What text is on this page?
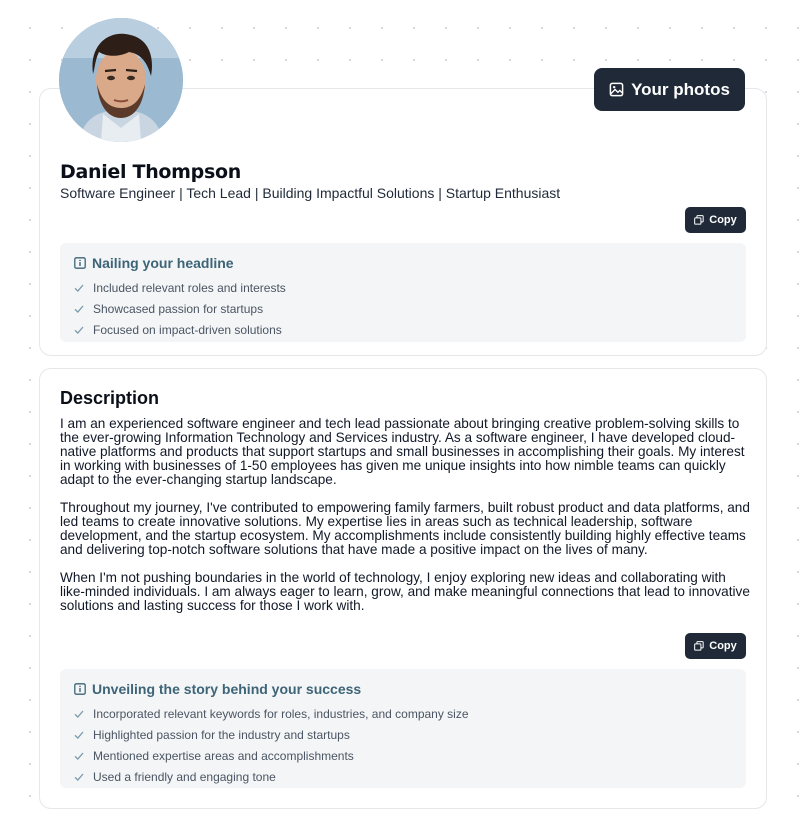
Your photos
Daniel Thompson
Software Engineer | Tech Lead | Building Impactful Solutions | Startup Enthusiast
Copy
Nailing your headline
Included relevant roles and interests
Showcased passion for startups
Focused on impact-driven solutions
Description

I am an experienced software engineer and tech lead passionate about bringing creative problem-solving skills to the ever-growing Information Technology and Services industry. As a software engineer, I have developed cloud-native platforms and products that support startups and small businesses in accomplishing their goals. My interest in working with businesses of 1-50 employees has given me unique insights into how nimble teams can quickly adapt to the ever-changing startup landscape.

Throughout my journey, I've contributed to empowering family farmers, built robust product and data platforms, and led teams to create innovative solutions. My expertise lies in areas such as technical leadership, software development, and the startup ecosystem. My accomplishments include consistently building highly effective teams and delivering top-notch software solutions that have made a positive impact on the lives of many.

When I'm not pushing boundaries in the world of technology, I enjoy exploring new ideas and collaborating with like-minded individuals. I am always eager to learn, grow, and make meaningful connections that lead to innovative solutions and lasting success for those I work with.

Copy
Unveiling the story behind your success
Incorporated relevant keywords for roles, industries, and company size
Highlighted passion for the industry and startups
Mentioned expertise areas and accomplishments
Used a friendly and engaging tone
